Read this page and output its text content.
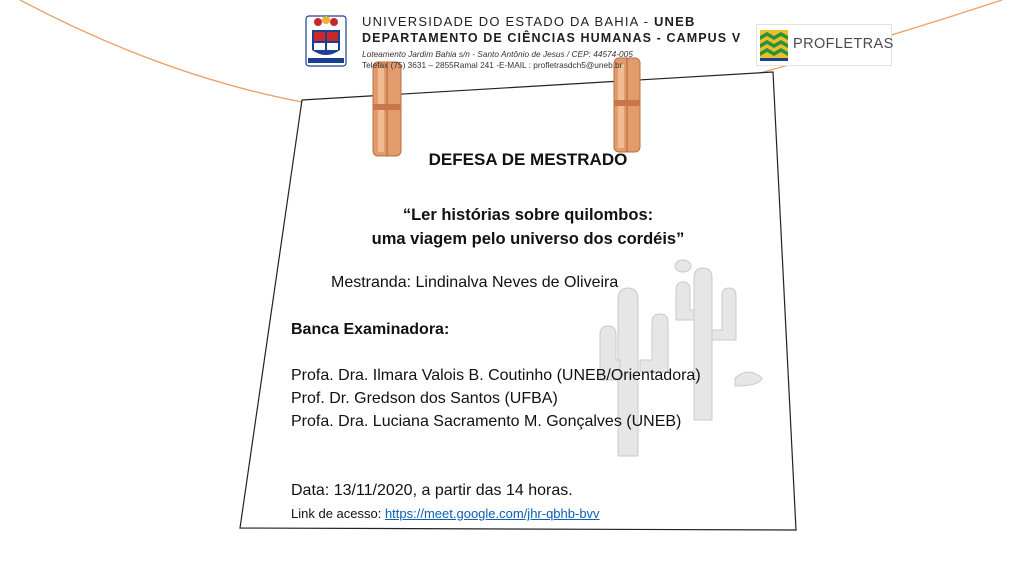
UNIVERSIDADE DO ESTADO DA BAHIA - UNEB
DEPARTAMENTO DE CIÊNCIAS HUMANAS - CAMPUS V
Loteamento Jardim Bahia s/n - Santo Antônio de Jesus / CEP: 44574-005
Telefax (75) 3631 – 2855Ramal 241 -E-MAIL : profletrasdch5@uneb.br
PROFLETRAS
DEFESA DE MESTRADO
“Ler histórias sobre quilombos:
uma viagem pelo universo dos cordéis”
Mestranda: Lindinalva Neves de Oliveira
Banca Examinadora:
Profa. Dra. Ilmara Valois B. Coutinho (UNEB/Orientadora)
Prof. Dr. Gredson dos Santos (UFBA)
Profa. Dra. Luciana Sacramento M. Gonçalves (UNEB)
Data: 13/11/2020, a partir das 14 horas.
Link de acesso: https://meet.google.com/jhr-qbhb-bvv
